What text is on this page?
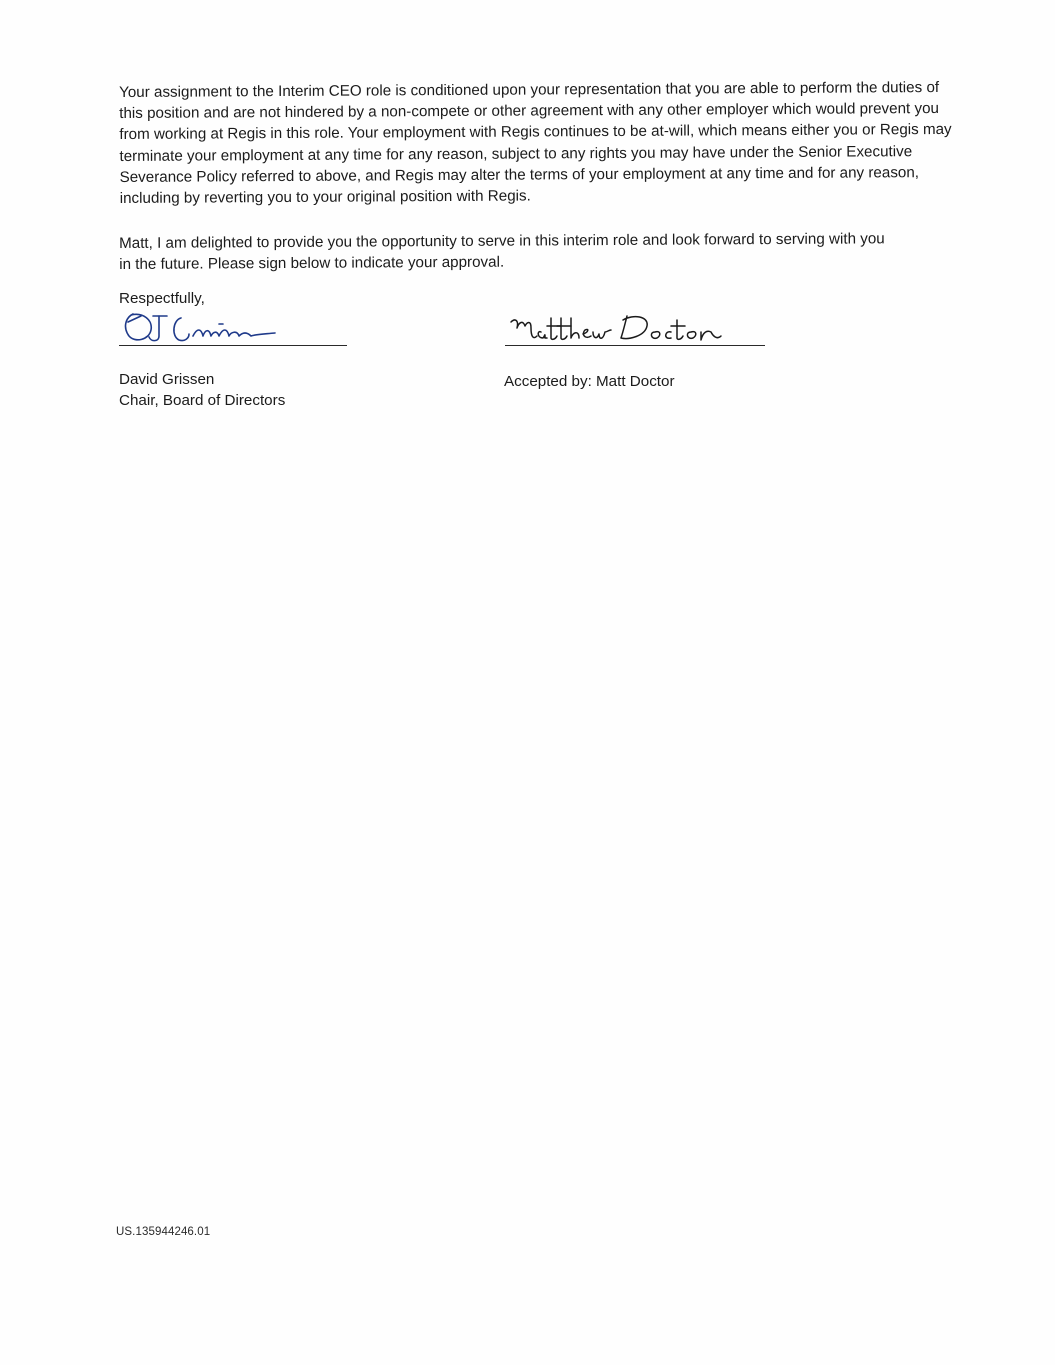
Your assignment to the Interim CEO role is conditioned upon your representation that you are able to perform the duties of
this position and are not hindered by a non-compete or other agreement with any other employer which would prevent you
from working at Regis in this role. Your employment with Regis continues to be at-will, which means either you or Regis may
terminate your employment at any time for any reason, subject to any rights you may have under the Senior Executive
Severance Policy referred to above, and Regis may alter the terms of your employment at any time and for any reason,
including by reverting you to your original position with Regis.

Matt, I am delighted to provide you the opportunity to serve in this interim role and look forward to serving with you
in the future. Please sign below to indicate your approval.

Respectfully,

David Grissen
Chair, Board of Directors
Accepted by: Matt Doctor
US.135944246.01
